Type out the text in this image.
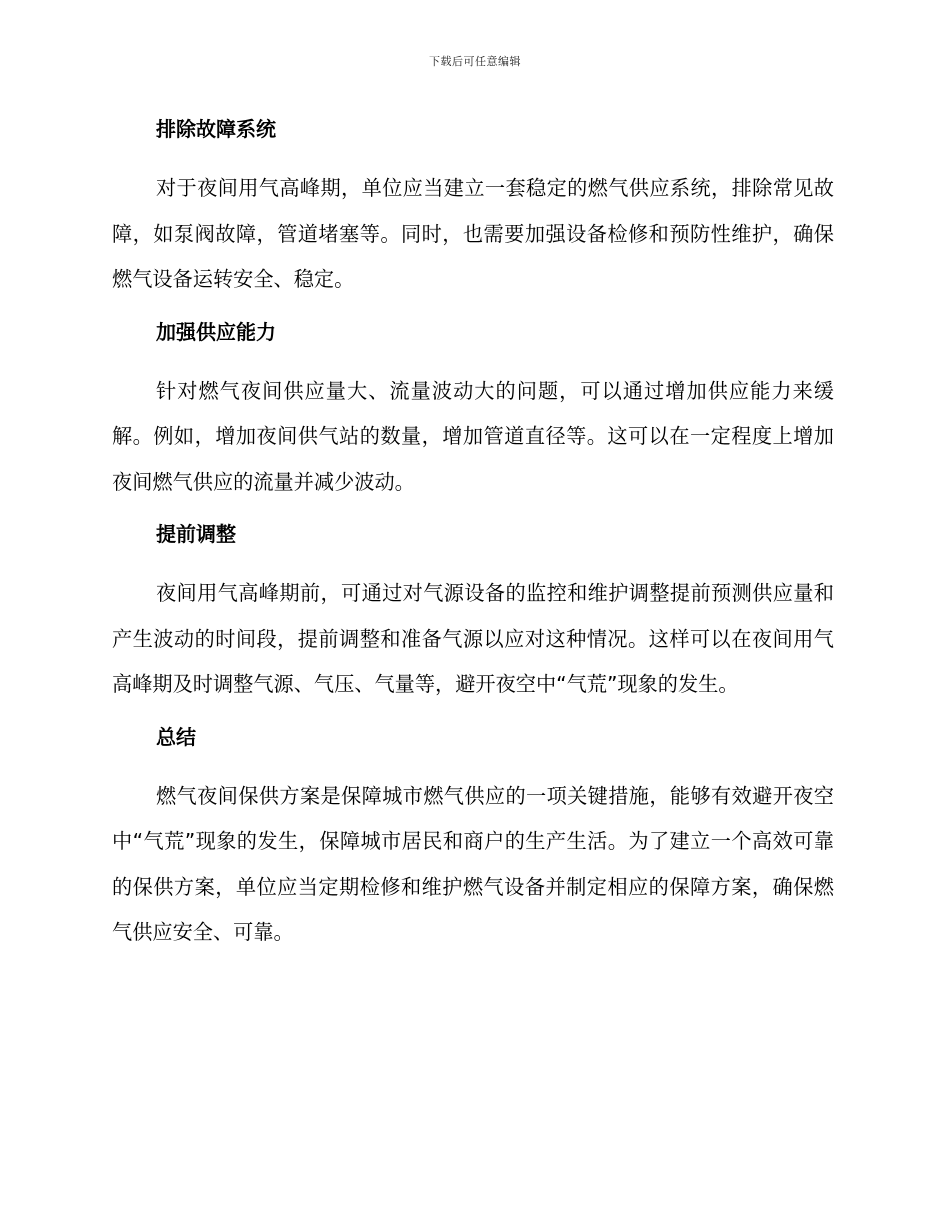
下载后可任意编辑
排除故障系统

对于夜间用气高峰期，单位应当建立一套稳定的燃气供应系统，排除常见故障，如泵阀故障，管道堵塞等。同时，也需要加强设备检修和预防性维护，确保燃气设备运转安全、稳定。

加强供应能力

针对燃气夜间供应量大、流量波动大的问题，可以通过增加供应能力来缓解。例如，增加夜间供气站的数量，增加管道直径等。这可以在一定程度上增加夜间燃气供应的流量并减少波动。

提前调整

夜间用气高峰期前，可通过对气源设备的监控和维护调整提前预测供应量和产生波动的时间段，提前调整和准备气源以应对这种情况。这样可以在夜间用气高峰期及时调整气源、气压、气量等，避开夜空中“气荒”现象的发生。

总结

燃气夜间保供方案是保障城市燃气供应的一项关键措施，能够有效避开夜空中“气荒”现象的发生，保障城市居民和商户的生产生活。为了建立一个高效可靠的保供方案，单位应当定期检修和维护燃气设备并制定相应的保障方案，确保燃气供应安全、可靠。
